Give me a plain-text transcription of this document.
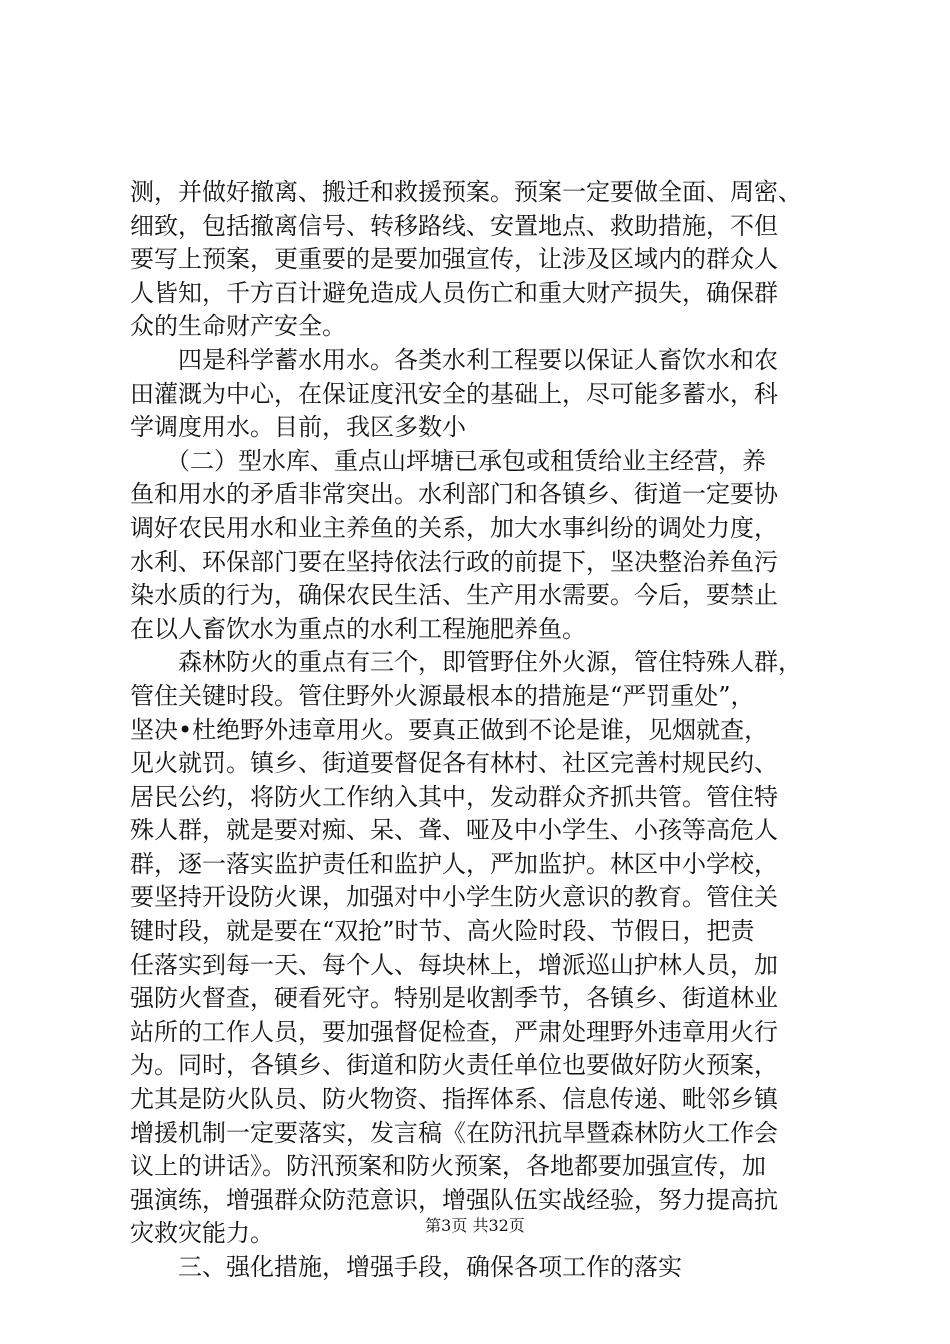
测，并做好撤离、搬迁和救援预案。预案一定要做全面、周密、
细致，包括撤离信号、转移路线、安置地点、救助措施，不但
要写上预案，更重要的是要加强宣传，让涉及区域内的群众人
人皆知，千方百计避免造成人员伤亡和重大财产损失，确保群
众的生命财产安全。
　　四是科学蓄水用水。各类水利工程要以保证人畜饮水和农
田灌溉为中心，在保证度汛安全的基础上，尽可能多蓄水，科
学调度用水。目前，我区多数小
　　（二）型水库、重点山坪塘已承包或租赁给业主经营，养
鱼和用水的矛盾非常突出。水利部门和各镇乡、街道一定要协
调好农民用水和业主养鱼的关系，加大水事纠纷的调处力度，
水利、环保部门要在坚持依法行政的前提下，坚决整治养鱼污
染水质的行为，确保农民生活、生产用水需要。今后，要禁止
在以人畜饮水为重点的水利工程施肥养鱼。
　　森林防火的重点有三个，即管野住外火源，管住特殊人群，
管住关键时段。管住野外火源最根本的措施是“严罚重处”，
坚决•杜绝野外违章用火。要真正做到不论是谁，见烟就查，
见火就罚。镇乡、街道要督促各有林村、社区完善村规民约、
居民公约，将防火工作纳入其中，发动群众齐抓共管。管住特
殊人群，就是要对痴、呆、聋、哑及中小学生、小孩等高危人
群，逐一落实监护责任和监护人，严加监护。林区中小学校，
要坚持开设防火课，加强对中小学生防火意识的教育。管住关
键时段，就是要在“双抢”时节、高火险时段、节假日，把责
任落实到每一天、每个人、每块林上，增派巡山护林人员，加
强防火督查，硬看死守。特别是收割季节，各镇乡、街道林业
站所的工作人员，要加强督促检查，严肃处理野外违章用火行
为。同时，各镇乡、街道和防火责任单位也要做好防火预案，
尤其是防火队员、防火物资、指挥体系、信息传递、毗邻乡镇
增援机制一定要落实，发言稿《在防汛抗旱暨森林防火工作会
议上的讲话》。防汛预案和防火预案，各地都要加强宣传，加
强演练，增强群众防范意识，增强队伍实战经验，努力提高抗
灾救灾能力。
　　三、强化措施，增强手段，确保各项工作的落实
第3页 共32页
